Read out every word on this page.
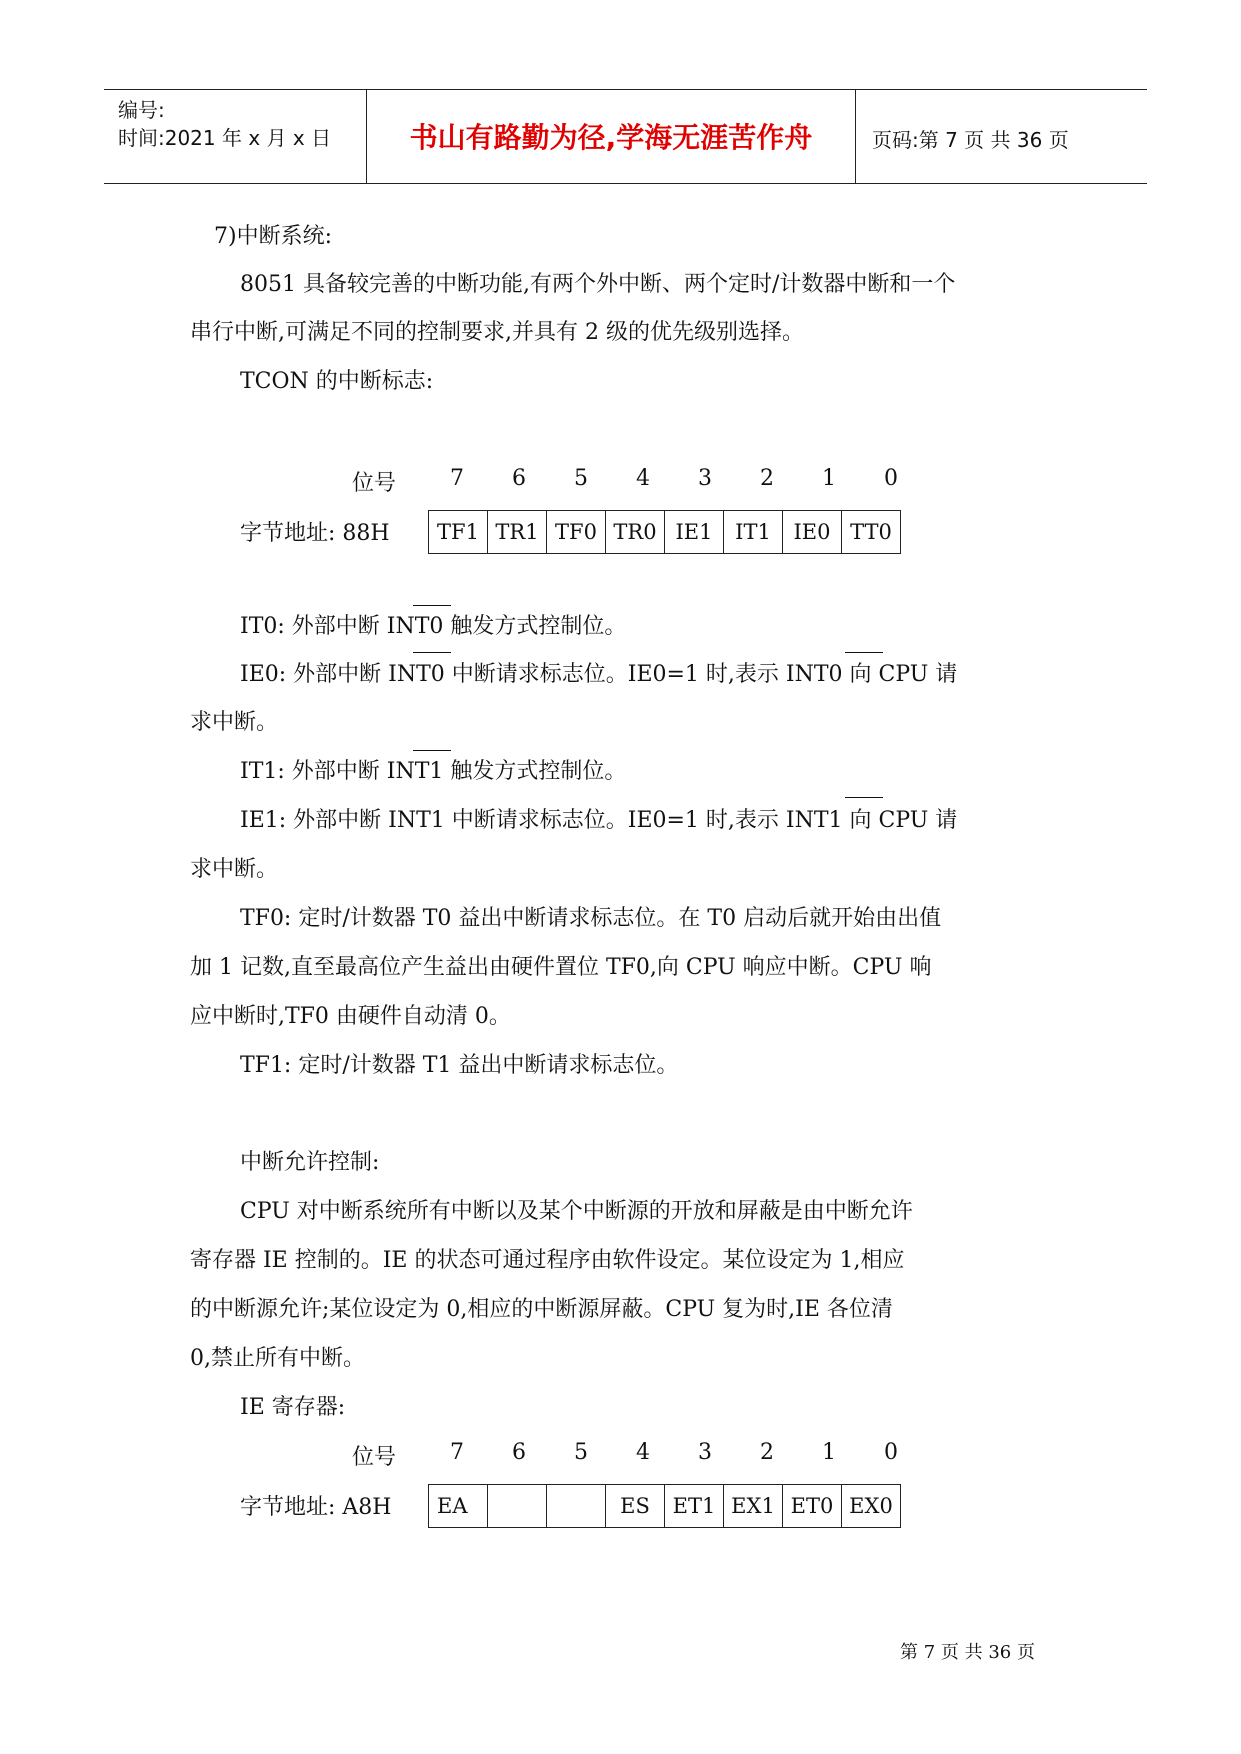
编号:
时间:2021 年 x 月 x 日	书山有路勤为径,学海无涯苦作舟	页码:第 7 页 共 36 页
7)中断系统:
8051 具备较完善的中断功能,有两个外中断、两个定时/计数器中断和一个
串行中断,可满足不同的控制要求,并具有 2 级的优先级别选择。
TCON 的中断标志:
位号	7	6	5	4	3	2	1	0
字节地址: 88H TF1	TR1	TF0	TR0	IE1	IT1	IE0	TT0
IT0: 外部中断 INT0 触发方式控制位。
IE0: 外部中断 INT0 中断请求标志位。IE0=1 时,表示 INT0 向 CPU 请
求中断。
IT1: 外部中断 INT1 触发方式控制位。
IE1: 外部中断 INT1 中断请求标志位。IE0=1 时,表示 INT1 向 CPU 请
求中断。
TF0: 定时/计数器 T0 益出中断请求标志位。在 T0 启动后就开始由出值
加 1 记数,直至最高位产生益出由硬件置位 TF0,向 CPU 响应中断。CPU 响
应中断时,TF0 由硬件自动清 0。
TF1: 定时/计数器 T1 益出中断请求标志位。
中断允许控制:
CPU 对中断系统所有中断以及某个中断源的开放和屏蔽是由中断允许
寄存器 IE 控制的。IE 的状态可通过程序由软件设定。某位设定为 1,相应
的中断源允许;某位设定为 0,相应的中断源屏蔽。CPU 复为时,IE 各位清
0,禁止所有中断。
IE 寄存器:
位号	7	6	5	4	3	2	1	0
字节地址: A8H EA			ES	ET1	EX1	ET0	EX0
第 7 页 共 36 页
